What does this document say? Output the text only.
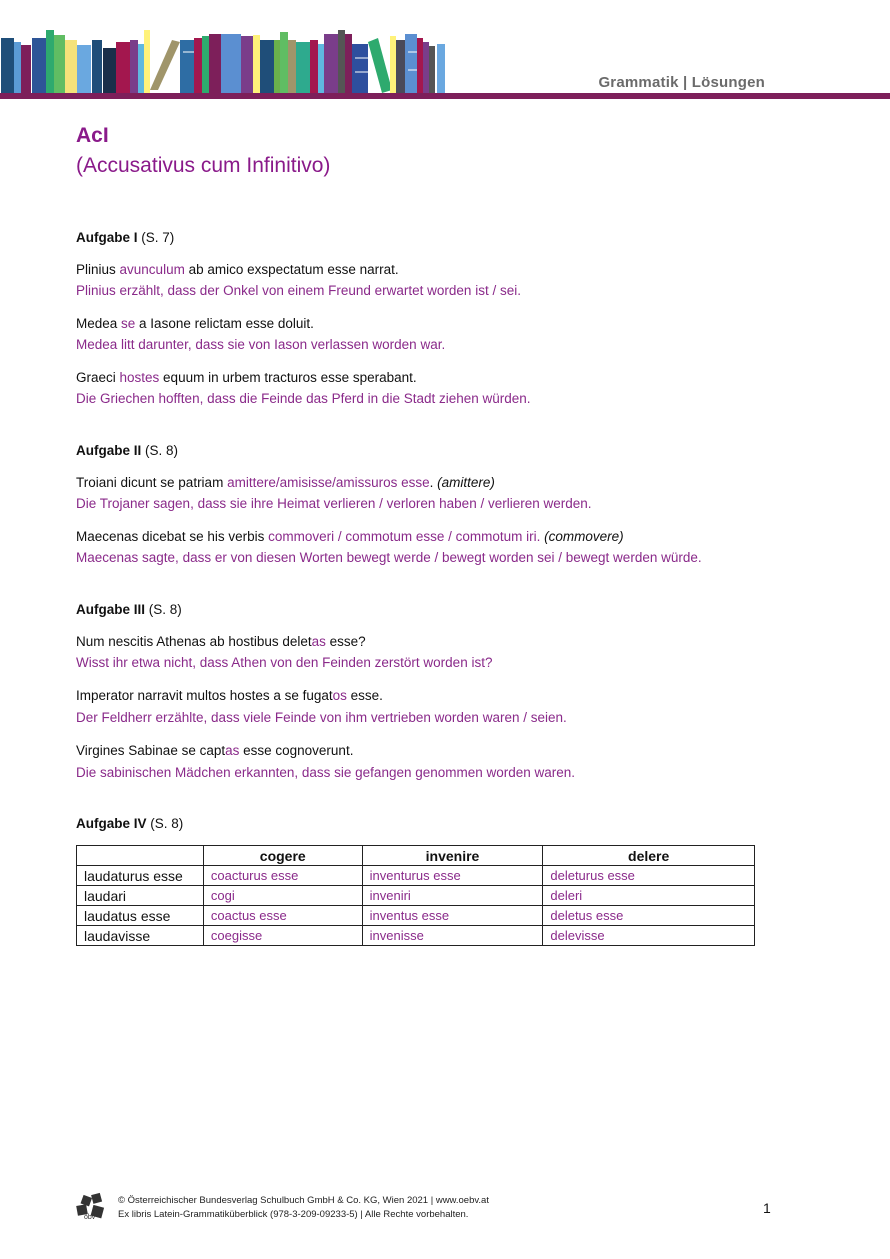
Grammatik | Lösungen
AcI
(Accusativus cum Infinitivo)
Aufgabe I (S. 7)
Plinius avunculum ab amico exspectatum esse narrat.
Plinius erzählt, dass der Onkel von einem Freund erwartet worden ist / sei.
Medea se a Iasone relictam esse doluit.
Medea litt darunter, dass sie von Iason verlassen worden war.
Graeci hostes equum in urbem tracturos esse sperabant.
Die Griechen hofften, dass die Feinde das Pferd in die Stadt ziehen würden.
Aufgabe II (S. 8)
Troiani dicunt se patriam amittere/amisisse/amissuros esse. (amittere)
Die Trojaner sagen, dass sie ihre Heimat verlieren / verloren haben / verlieren werden.
Maecenas dicebat se his verbis commoveri / commotum esse / commotum iri. (commovere)
Maecenas sagte, dass er von diesen Worten bewegt werde / bewegt worden sei / bewegt werden würde.
Aufgabe III (S. 8)
Num nescitis Athenas ab hostibus deletas esse?
Wisst ihr etwa nicht, dass Athen von den Feinden zerstört worden ist?
Imperator narravit multos hostes a se fugatos esse.
Der Feldherr erzählte, dass viele Feinde von ihm vertrieben worden waren / seien.
Virgines Sabinae se captas esse cognoverunt.
Die sabinischen Mädchen erkannten, dass sie gefangen genommen worden waren.
Aufgabe IV (S. 8)
	cogere	invenire	delere
laudaturus esse	coacturus esse	inventurus esse	deleturus esse
laudari	cogi	inveniri	deleri
laudatus esse	coactus esse	inventus esse	deletus esse
laudavisse	coegisse	invenisse	delevisse
öbv
© Österreichischer Bundesverlag Schulbuch GmbH & Co. KG, Wien 2021 | www.oebv.at
Ex libris Latein-Grammatiküberblick (978-3-209-09233-5) | Alle Rechte vorbehalten.	1
